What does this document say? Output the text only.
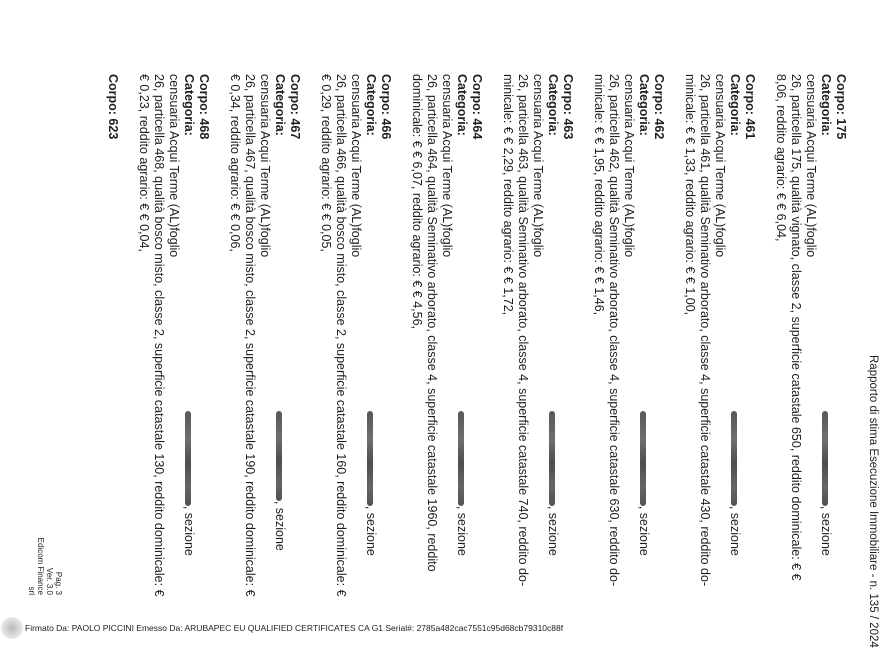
Rapporto di stima Esecuzione Immobiliare - n. 135 / 2024
Corpo: 175
Categoria:, sezione censuaria Acqui Terme (AL)foglio
26, particella 175, qualità vignato, classe 2, superficie catastale 650, reddito dominicale: € €
8,06, reddito agrario: € € 6,04,
Corpo: 461
Categoria:, sezione censuaria Acqui Terme (AL)foglio
26, particella 461, qualità Seminativo arborato, classe 4, superficie catastale 430, reddito do-
minicale: € € 1,33, reddito agrario: € € 1,00,
Corpo: 462
Categoria:, sezione censuaria Acqui Terme (AL)foglio
26, particella 462, qualità Seminativo arborato, classe 4, superficie catastale 630, reddito do-
minicale: € € 1,95, reddito agrario: € € 1,46,
Corpo: 463
Categoria:, sezione censuaria Acqui Terme (AL)foglio
26, particella 463, qualità Seminativo arborato, classe 4, superficie catastale 740, reddito do-
minicale: € € 2,29, reddito agrario: € € 1,72,
Corpo: 464
Categoria:, sezione censuaria Acqui Terme (AL)foglio
26, particella 464, qualità Seminativo arborato, classe 4, superficie catastale 1960, reddito
dominicale: € € 6,07, reddito agrario: € € 4,56,
Corpo: 466
Categoria:, sezione censuaria Acqui Terme (AL)foglio
26, particella 466, qualità bosco misto, classe 2, superficie catastale 160, reddito dominicale: €
€ 0,29, reddito agrario: € € 0,05,
Corpo: 467
Categoria:, sezione censuaria Acqui Terme (AL)foglio
26, particella 467, qualità bosco misto, classe 2, superficie catastale 190, reddito dominicale: €
€ 0,34, reddito agrario: € € 0,06,
Corpo: 468
Categoria:, sezione censuaria Acqui Terme (AL)foglio
26, particella 468, qualità bosco misto, classe 2, superficie catastale 130, reddito dominicale: €
€ 0,23, reddito agrario: € € 0,04,
Corpo: 623
Pag. 3
Ver. 3.0
Edicom Finance srl
Firmato Da: PAOLO PICCINI Emesso Da: ARUBAPEC EU QUALIFIED CERTIFICATES CA G1 Serial#: 2785a482cac7551c95d68cb79310c88f
